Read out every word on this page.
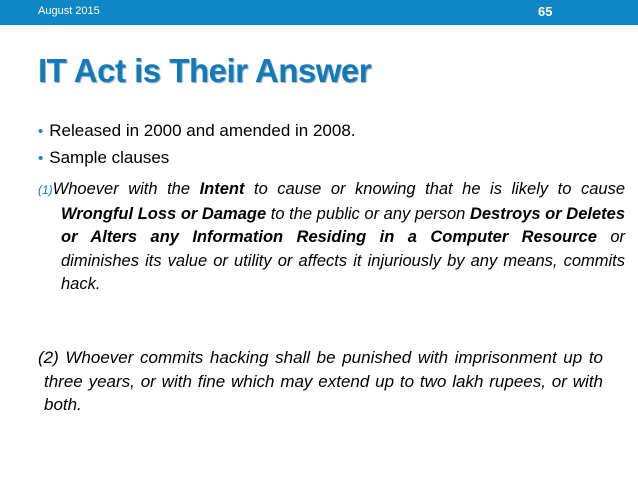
August 2015	65
IT Act is Their Answer
• Released in 2000 and amended in 2008.
• Sample clauses
(1)Whoever with the Intent to cause or knowing that he is likely to cause Wrongful Loss or Damage to the public or any person Destroys or Deletes or Alters any Information Residing in a Computer Resource or diminishes its value or utility or affects it injuriously by any means, commits hack.
(2) Whoever commits hacking shall be punished with imprisonment up to three years, or with fine which may extend up to two lakh rupees, or with both.
